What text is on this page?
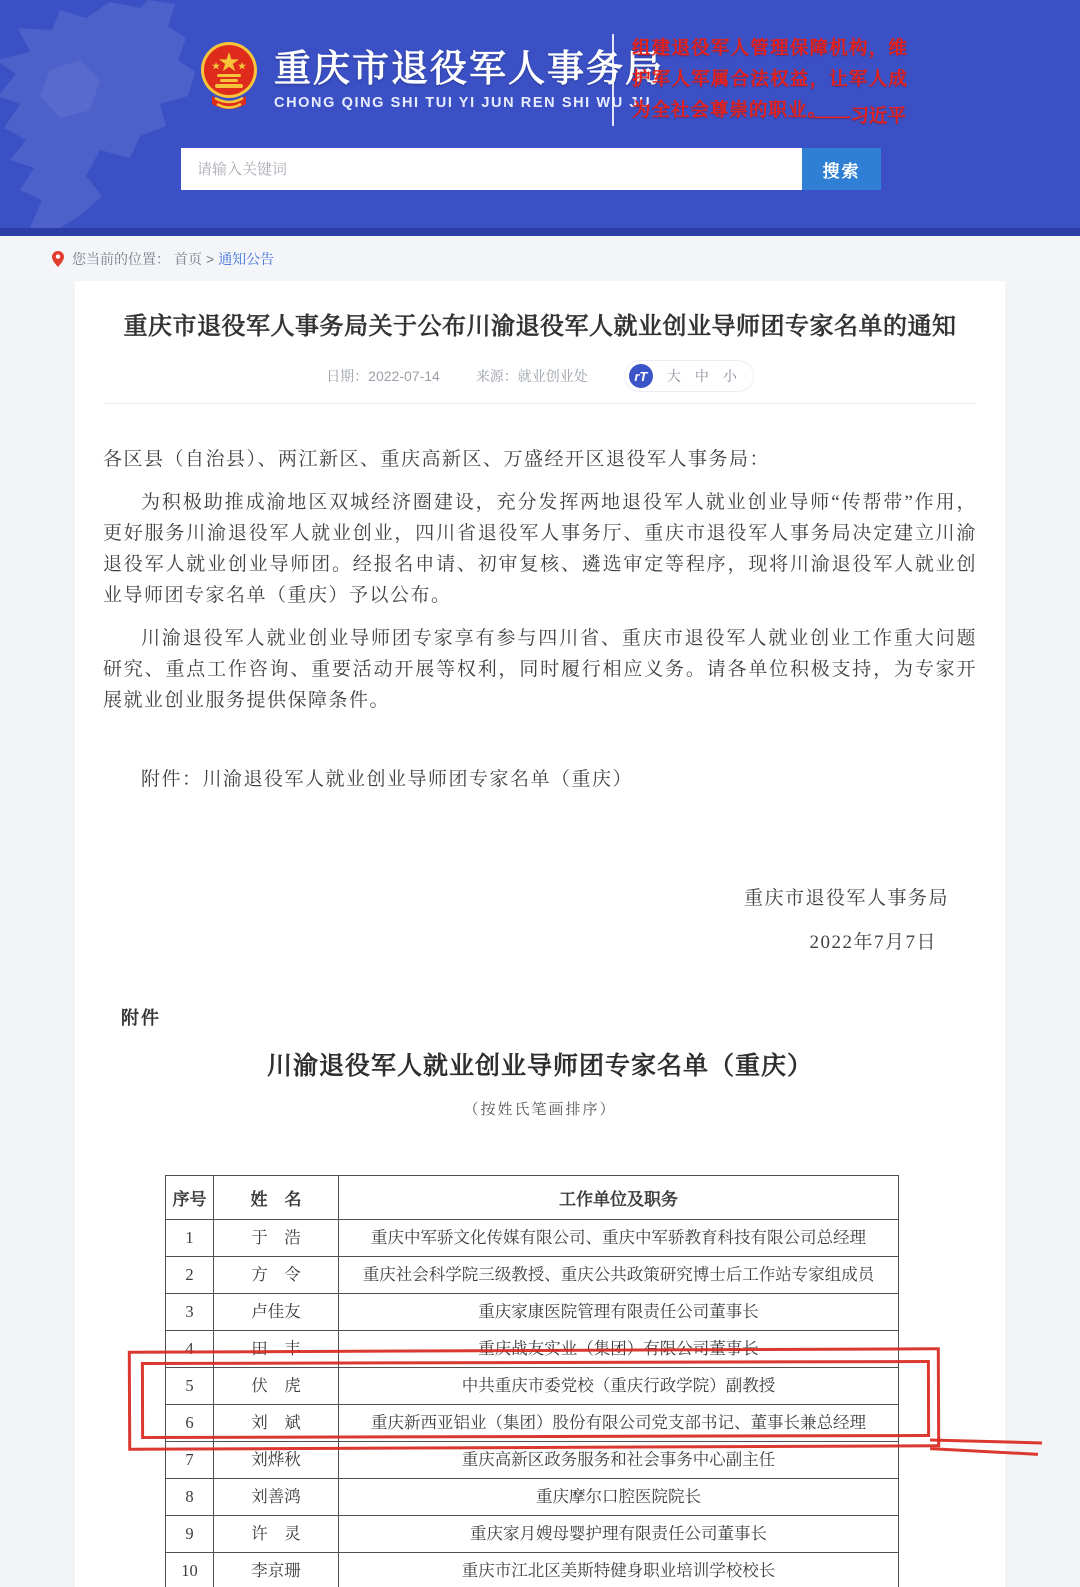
重庆市退役军人事务局
CHONG QING SHI TUI YI JUN REN SHI WU JU
组建退役军人管理保障机构，维护军人军属合法权益，让军人成为全社会尊崇的职业。
——习近平
请输入关键词
搜索
您当前的位置： 首页 > 通知公告
重庆市退役军人事务局关于公布川渝退役军人就业创业导师团专家名单的通知
日期：2022-07-14	来源：就业创业处	rT	大 中 小

各区县（自治县）、两江新区、重庆高新区、万盛经开区退役军人事务局：

为积极助推成渝地区双城经济圈建设，充分发挥两地退役军人就业创业导师“传帮带”作用，更好服务川渝退役军人就业创业，四川省退役军人事务厅、重庆市退役军人事务局决定建立川渝退役军人就业创业导师团。经报名申请、初审复核、遴选审定等程序，现将川渝退役军人就业创业导师团专家名单（重庆）予以公布。

川渝退役军人就业创业导师团专家享有参与四川省、重庆市退役军人就业创业工作重大问题研究、重点工作咨询、重要活动开展等权利，同时履行相应义务。请各单位积极支持，为专家开展就业创业服务提供保障条件。

附件：川渝退役军人就业创业导师团专家名单（重庆）

重庆市退役军人事务局

2022年7月7日

附件
川渝退役军人就业创业导师团专家名单（重庆）
（按姓氏笔画排序）
序号	姓　名	工作单位及职务
1	于　浩	重庆中军骄文化传媒有限公司、重庆中军骄教育科技有限公司总经理
2	方　令	重庆社会科学院三级教授、重庆公共政策研究博士后工作站专家组成员
3	卢佳友	重庆家康医院管理有限责任公司董事长
4	田　丰	重庆战友实业（集团）有限公司董事长
5	伏　虎	中共重庆市委党校（重庆行政学院）副教授
6	刘　斌	重庆新西亚铝业（集团）股份有限公司党支部书记、董事长兼总经理
7	刘烨秋	重庆高新区政务服务和社会事务中心副主任
8	刘善鸿	重庆摩尔口腔医院院长
9	许　灵	重庆家月嫂母婴护理有限责任公司董事长
10	李京珊	重庆市江北区美斯特健身职业培训学校校长
